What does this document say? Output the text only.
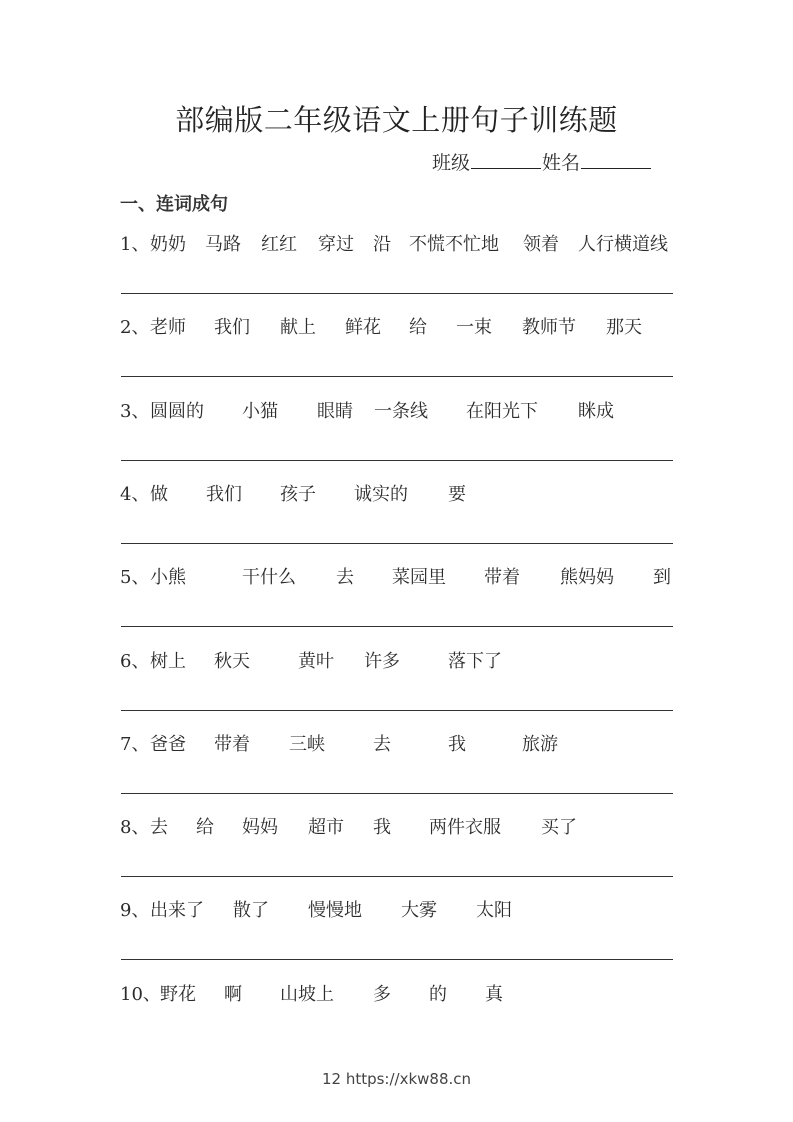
部编版二年级语文上册句子训练题
班级	姓名
一、连词成句
1、 奶奶 马路 红红 穿过 沿 不慌不忙地 领着 人行横道线
2、 老师 我们 献上 鲜花 给 一束 教师节 那天
3、 圆圆的 小猫 眼睛 一条线 在阳光下 眯成
4、 做 我们 孩子 诚实的 要
5、 小熊	干什么 去 菜园里 带着 熊妈妈 到
6、 树上 秋天	黄叶 许多	落下了
7、 爸爸 带着 三峡	去	我	旅游
8、 去 给 妈妈 超市 我 两件衣服 买了
9、 出来了 散了 慢慢地 大雾 太阳
10、 野花 啊 山坡上 多 的 真
12 https://xkw88.cn
